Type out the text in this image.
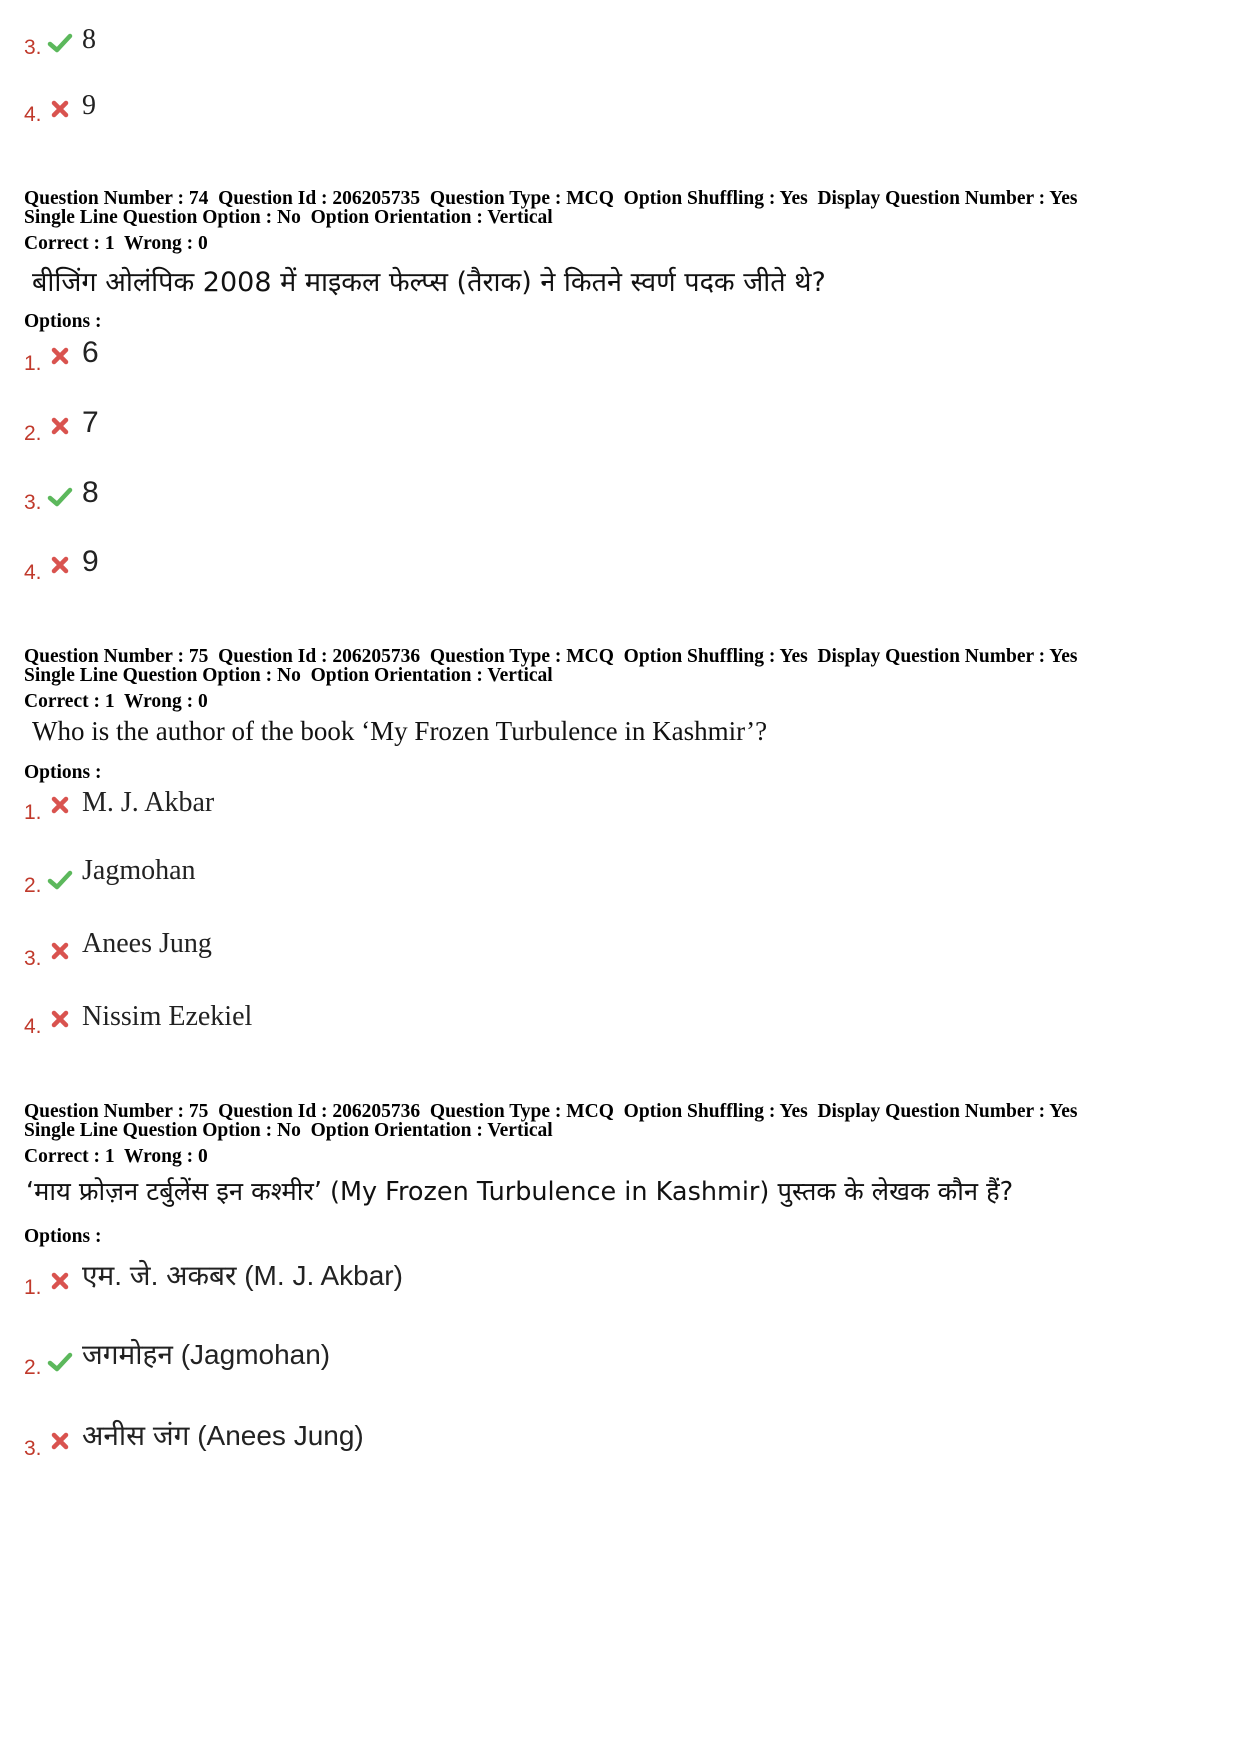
3. 8
4. 9
Question Number : 74  Question Id : 206205735  Question Type : MCQ  Option Shuffling : Yes  Display Question Number : Yes
Single Line Question Option : No  Option Orientation : Vertical
Correct : 1  Wrong : 0
बीजिंग ओलंपिक 2008 में माइकल फेल्प्स (तैराक) ने कितने स्वर्ण पदक जीते थे?
Options :
1. 6
2. 7
3. 8
4. 9
Question Number : 75  Question Id : 206205736  Question Type : MCQ  Option Shuffling : Yes  Display Question Number : Yes
Single Line Question Option : No  Option Orientation : Vertical
Correct : 1  Wrong : 0
Who is the author of the book ‘My Frozen Turbulence in Kashmir’?
Options :
1. M. J. Akbar
2. Jagmohan
3. Anees Jung
4. Nissim Ezekiel
Question Number : 75  Question Id : 206205736  Question Type : MCQ  Option Shuffling : Yes  Display Question Number : Yes
Single Line Question Option : No  Option Orientation : Vertical
Correct : 1  Wrong : 0
‘माय फ्रोज़न टर्बुलेंस इन कश्मीर’ (My Frozen Turbulence in Kashmir) पुस्तक के लेखक कौन हैं?
Options :
1. एम. जे. अकबर (M. J. Akbar)
2. जगमोहन (Jagmohan)
3. अनीस जंग (Anees Jung)
